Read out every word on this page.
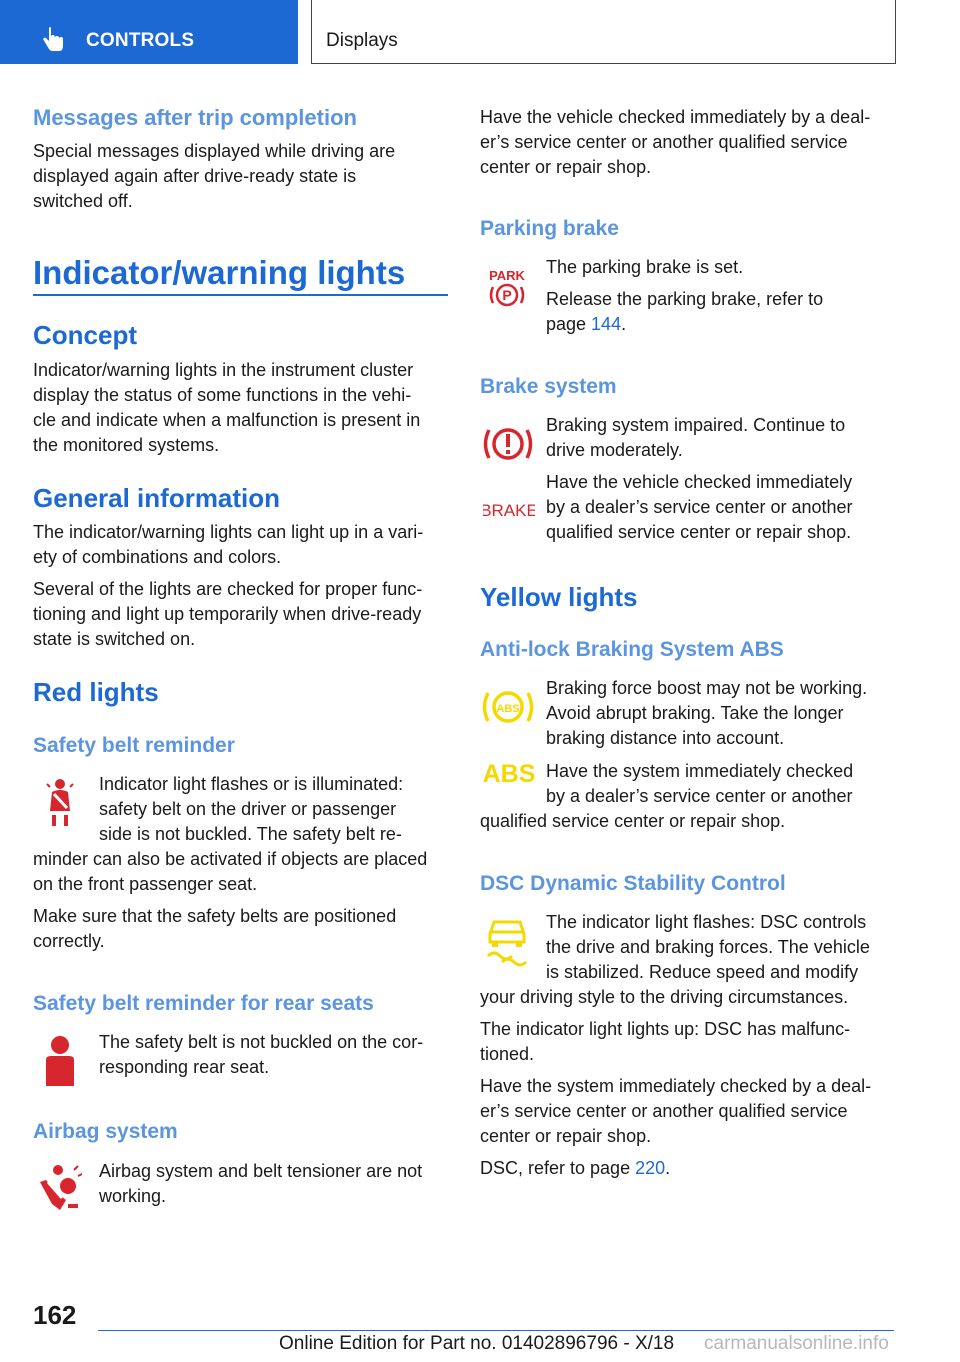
CONTROLS	Displays
Messages after trip completion
Special messages displayed while driving are
displayed again after drive-ready state is
switched off.
Indicator/warning lights
Concept
Indicator/warning lights in the instrument cluster
display the status of some functions in the vehi‐
cle and indicate when a malfunction is present in
the monitored systems.
General information
The indicator/warning lights can light up in a vari‐
ety of combinations and colors.
Several of the lights are checked for proper func‐
tioning and light up temporarily when drive-ready
state is switched on.
Red lights
Safety belt reminder
Indicator light flashes or is illuminated:
safety belt on the driver or passenger
side is not buckled. The safety belt re‐
minder can also be activated if objects are placed
on the front passenger seat.
Make sure that the safety belts are positioned
correctly.
Safety belt reminder for rear seats
The safety belt is not buckled on the cor‐
responding rear seat.
Airbag system
Airbag system and belt tensioner are not
working.
Have the vehicle checked immediately by a deal‐
er’s service center or another qualified service
center or repair shop.
Parking brake
PARK
P
The parking brake is set.
Release the parking brake, refer to
page 144.
Brake system
BRAKE
Braking system impaired. Continue to
drive moderately.
Have the vehicle checked immediately
by a dealer’s service center or another
qualified service center or repair shop.
Yellow lights
Anti-lock Braking System ABS
ABS
ABS
Braking force boost may not be working.
Avoid abrupt braking. Take the longer
braking distance into account.
Have the system immediately checked
by a dealer’s service center or another
qualified service center or repair shop.
DSC Dynamic Stability Control
The indicator light flashes: DSC controls
the drive and braking forces. The vehicle
is stabilized. Reduce speed and modify
your driving style to the driving circumstances.
The indicator light lights up: DSC has malfunc‐
tioned.
Have the system immediately checked by a deal‐
er’s service center or another qualified service
center or repair shop.
DSC, refer to page 220.
162
Online Edition for Part no. 01402896796 - X/18 carmanualsonline.info
